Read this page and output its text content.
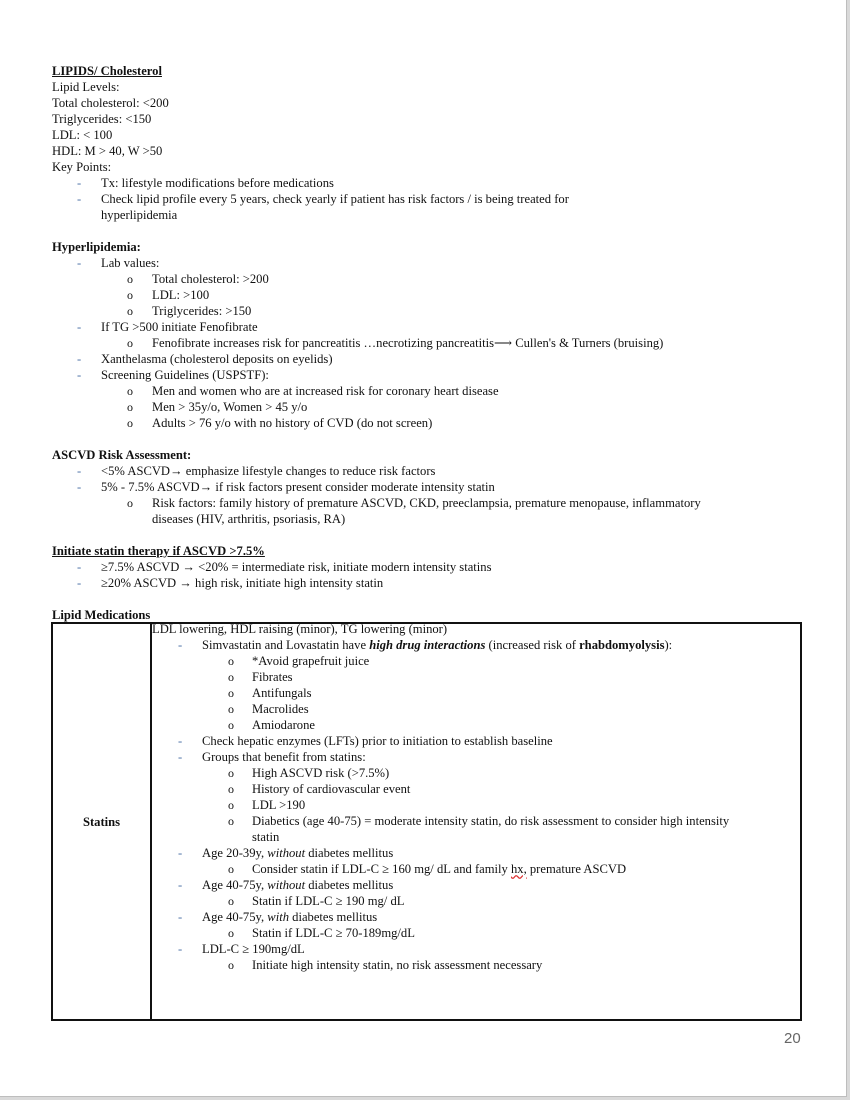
LIPIDS/ Cholesterol
Lipid Levels:
Total cholesterol: <200
Triglycerides: <150
LDL: < 100
HDL: M > 40, W >50
Key Points:
- Tx: lifestyle modifications before medications
- Check lipid profile every 5 years, check yearly if patient has risk factors / is being treated for
hyperlipidemia
Hyperlipidemia:
- Lab values:
o Total cholesterol: >200
o LDL: >100
o Triglycerides: >150
- If TG >500 initiate Fenofibrate
o Fenofibrate increases risk for pancreatitis …necrotizing pancreatitis⟶ Cullen's & Turners (bruising)
- Xanthelasma (cholesterol deposits on eyelids)
- Screening Guidelines (USPSTF):
o Men and women who are at increased risk for coronary heart disease
o Men > 35y/o, Women > 45 y/o
o Adults > 76 y/o with no history of CVD (do not screen)
ASCVD Risk Assessment:
- <5% ASCVD→ emphasize lifestyle changes to reduce risk factors
- 5% - 7.5% ASCVD→ if risk factors present consider moderate intensity statin
o Risk factors: family history of premature ASCVD, CKD, preeclampsia, premature menopause, inflammatory
diseases (HIV, arthritis, psoriasis, RA)
Initiate statin therapy if ASCVD >7.5%
- ≥7.5% ASCVD → <20% = intermediate risk, initiate modern intensity statins
- ≥20% ASCVD → high risk, initiate high intensity statin
Lipid Medications
Statins	
LDL lowering, HDL raising (minor), TG lowering (minor)
- Simvastatin and Lovastatin have high drug interactions (increased risk of rhabdomyolysis):
o *Avoid grapefruit juice
o Fibrates
o Antifungals
o Macrolides
o Amiodarone
- Check hepatic enzymes (LFTs) prior to initiation to establish baseline
- Groups that benefit from statins:
o High ASCVD risk (>7.5%)
o History of cardiovascular event
o LDL >190
o Diabetics (age 40-75) = moderate intensity statin, do risk assessment to consider high intensity
statin
- Age 20-39y, without diabetes mellitus
o Consider statin if LDL-C ≥ 160 mg/ dL and family hx, premature ASCVD
- Age 40-75y, without diabetes mellitus
o Statin if LDL-C ≥ 190 mg/ dL
- Age 40-75y, with diabetes mellitus
o Statin if LDL-C ≥ 70-189mg/dL
- LDL-C ≥ 190mg/dL
o Initiate high intensity statin, no risk assessment necessary
20
